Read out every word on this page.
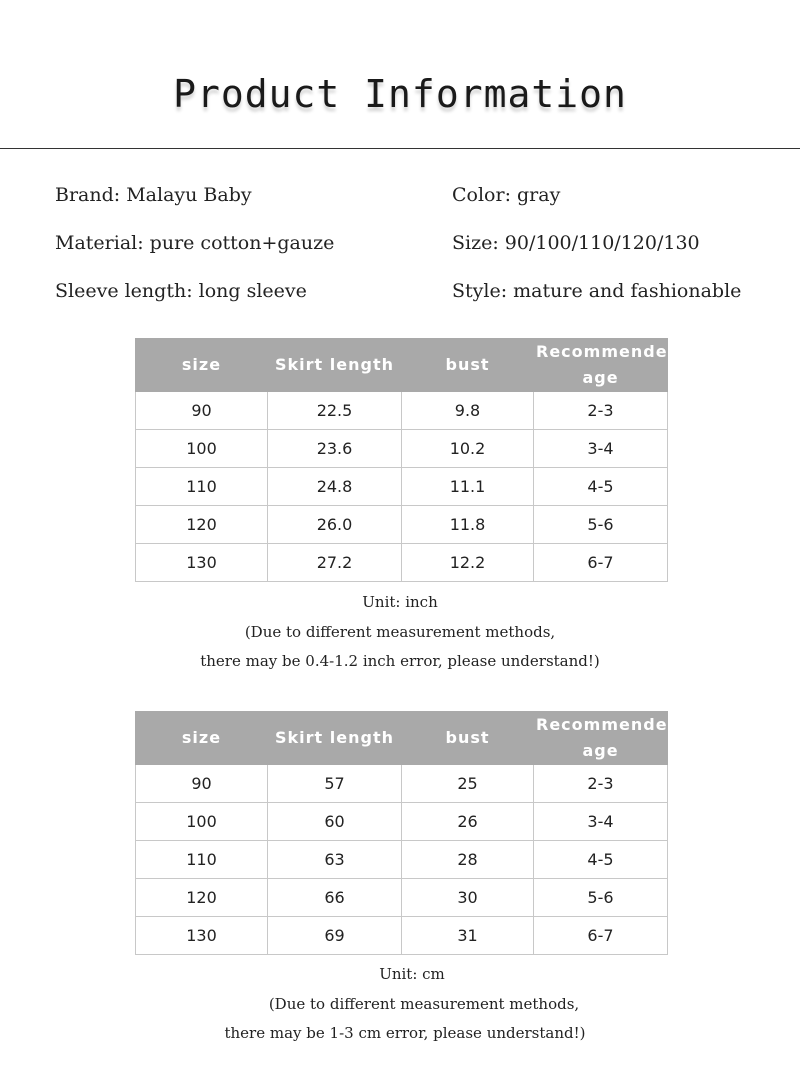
Product Information
Brand: Malayu Baby	Color: gray
Material: pure cotton+gauze	Size: 90/100/110/120/130
Sleeve length: long sleeve	Style: mature and fashionable
size	Skirt length	bust	Recommended age
90	22.5	9.8	2-3
100	23.6	10.2	3-4
110	24.8	11.1	4-5
120	26.0	11.8	5-6
130	27.2	12.2	6-7
Unit: inch
(Due to different measurement methods,
there may be 0.4-1.2 inch error, please understand!)
size	Skirt length	bust	Recommended age
90	57	25	2-3
100	60	26	3-4
110	63	28	4-5
120	66	30	5-6
130	69	31	6-7
Unit: cm
(Due to different measurement methods,
there may be 1-3 cm error, please understand!)
